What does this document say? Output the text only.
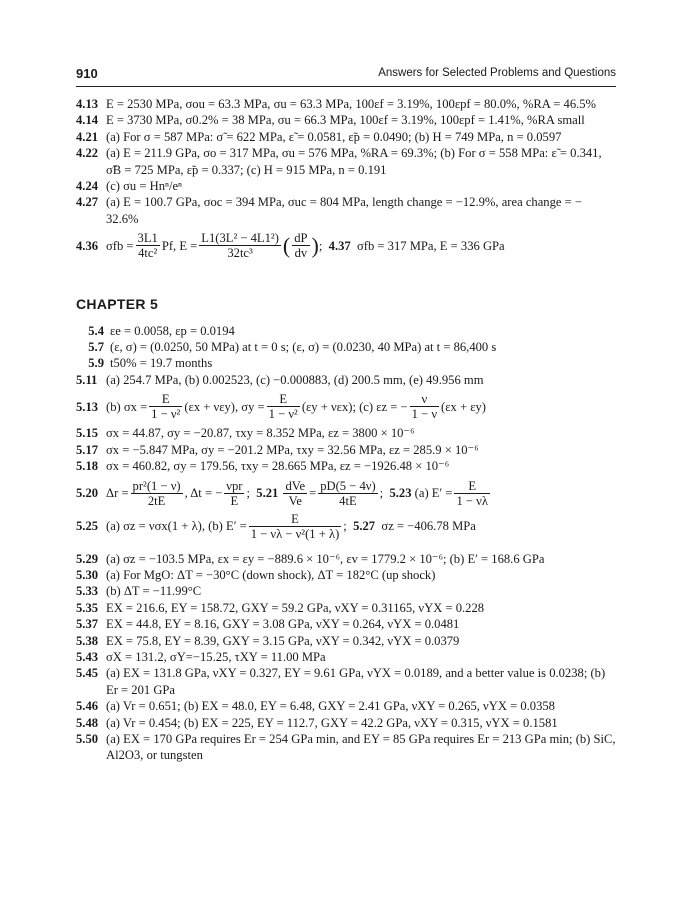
910	Answers for Selected Problems and Questions
4.13 E = 2530 MPa, σou = 63.3 MPa, σu = 63.3 MPa, 100εf = 3.19%, 100εpf = 80.0%, %RA = 46.5%
4.14 E = 3730 MPa, σ0.2% = 38 MPa, σu = 66.3 MPa, 100εf = 3.19%, 100εpf = 1.41%, %RA small
4.21 (a) For σ = 587 MPa: σ̃ = 622 MPa, ε̃ = 0.0581, ε̃p = 0.0490; (b) H = 749 MPa, n = 0.0597
4.22 (a) E = 211.9 GPa, σo = 317 MPa, σu = 576 MPa, %RA = 69.3%; (b) For σ = 558 MPa: ε̃ = 0.341, σ̃B = 725 MPa, ε̃p = 0.337; (c) H = 915 MPa, n = 0.191
4.24 (c) σu = Hnⁿ/eⁿ
4.27 (a) E = 100.7 GPa, σoc = 394 MPa, σuc = 804 MPa, length change = −12.9%, area change = − 32.6%
4.36 $\sigma fb = \frac{3L1}{\text{4tc²}} Pf$, $E = \frac{\text{L1(3L² − 4L1²)}}{\text{32tc³}}$ ( $\frac{dP}{dv}$ ) ; 4.37
σfb = 317 MPa, E = 336 GPa
CHAPTER 5
5.4 εe = 0.0058, εp = 0.0194
5.7 (ε, σ) = (0.0250, 50 MPa) at t = 0 s; (ε, σ) = (0.0230, 40 MPa) at t = 86,400 s
5.9 t50% = 19.7 months
5.11 (a) 254.7 MPa, (b) 0.002523, (c) −0.000883, (d) 200.5 mm, (e) 49.956 mm
5.13 (b) $\sigma x = \frac{E}{\text{1 − ν²}} (\varepsilon x + \nu\varepsilon y)$, $\sigma y = \frac{E}{\text{1 − ν²}} (\varepsilon y + \nu\varepsilon x)$; (c) εz = − $\frac{\nu}{1 - \nu} (\varepsilon x + \varepsilon y)$
5.15 σx = 44.87, σy = −20.87, τxy = 8.352 MPa, εz = 3800 × 10⁻⁶
5.17 σx = −5.847 MPa, σy = −201.2 MPa, τxy = 32.56 MPa, εz = 285.9 × 10⁻⁶
5.18 σx = 460.82, σy = 179.56, τxy = 28.665 MPa, εz = −1926.48 × 10⁻⁶
5.20 $\Delta r = \frac{\text{pr²(1 − ν)}}{2tE}$ , Δt = − $\frac{\text{νpr}}{E}$ ; 5.21
$\frac{\text{dVe}}{Ve} = \frac{pD(5 - 4\nu)}{4tE}$ ; 5.23
(a) $E' = \frac{E}{1 - \nu\lambda}$
5.25 (a) σz = νσx(1 + λ), (b) $E' = \frac{E}{\text{1 − νλ − ν²(1 + λ)}}$ ; 5.27
σz = −406.78 MPa
5.29 (a) σz = −103.5 MPa, εx = εy = −889.6 × 10⁻⁶, εv = 1779.2 × 10⁻⁶; (b) E′ = 168.6 GPa
5.30 (a) For MgO: ΔT = −30°C (down shock), ΔT = 182°C (up shock)
5.33 (b) ΔT = −11.99°C
5.35 EX = 216.6, EY = 158.72, GXY = 59.2 GPa, νXY = 0.31165, νYX = 0.228
5.37 EX = 44.8, EY = 8.16, GXY = 3.08 GPa, νXY = 0.264, νYX = 0.0481
5.38 EX = 75.8, EY = 8.39, GXY = 3.15 GPa, νXY = 0.342, νYX = 0.0379
5.43 σX = 131.2, σY=−15.25, τXY = 11.00 MPa
5.45 (a) EX = 131.8 GPa, νXY = 0.327, EY = 9.61 GPa, νYX = 0.0189, and a better value is 0.0238; (b) Er = 201 GPa
5.46 (a) Vr = 0.651; (b) EX = 48.0, EY = 6.48, GXY = 2.41 GPa, νXY = 0.265, νYX = 0.0358
5.48 (a) Vr = 0.454; (b) EX = 225, EY = 112.7, GXY = 42.2 GPa, νXY = 0.315, νYX = 0.1581
5.50 (a) EX = 170 GPa requires Er = 254 GPa min, and EY = 85 GPa requires Er = 213 GPa min; (b) SiC, Al2O3, or tungsten
